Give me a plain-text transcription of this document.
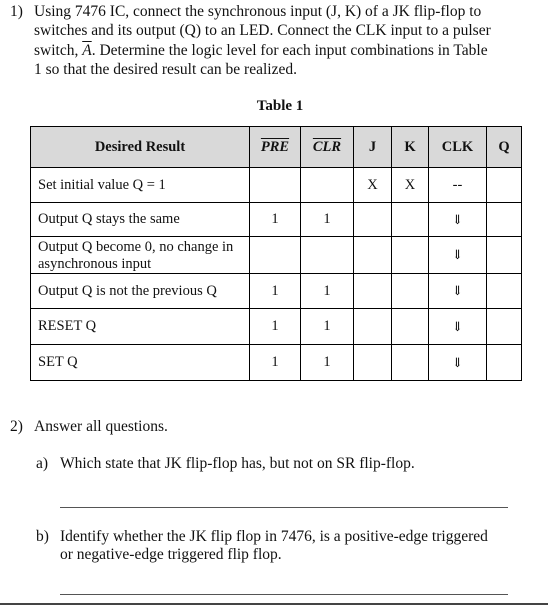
1) Using 7476 IC, connect the synchronous input (J, K) of a JK flip-flop to
switches and its output (Q) to an LED. Connect the CLK input to a pulser
switch, $\overline{A}$. Determine the logic level for each input combinations in Table
1 so that the desired result can be realized.
Table 1
Desired Result	$\overline{PRE}$	$\overline{CLR}$	J	K	CLK	Q
Set initial value Q = 1			X	X	--	
Output Q stays the same	1	1			⇓	
Output Q become 0, no change in asynchronous input					⇓	
Output Q is not the previous Q	1	1			⇓	
RESET Q	1	1			⇓	
SET Q	1	1			⇓	
2) Answer all questions.
a) Which state that JK flip-flop has, but not on SR flip-flop.
b) Identify whether the JK flip flop in 7476, is a positive-edge triggered
or negative-edge triggered flip flop.
